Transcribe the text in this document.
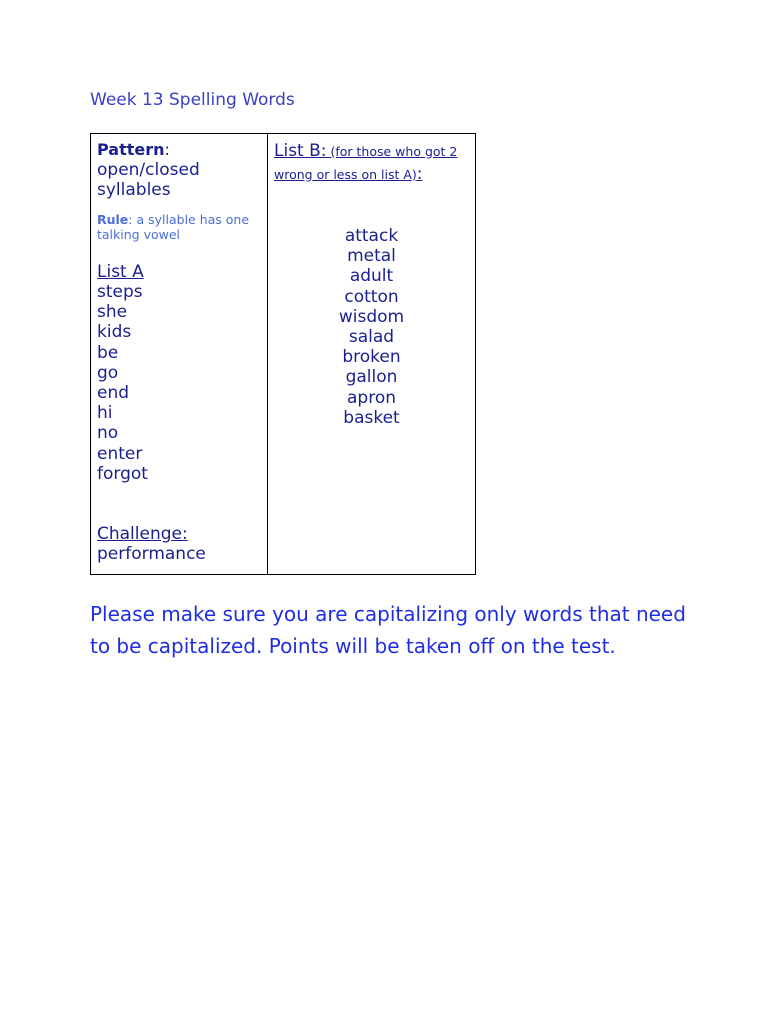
Week 13 Spelling Words
Pattern:
open/closed syllables
Rule: a syllable has one talking vowel
List A
steps
she
kids
be
go
end
hi
no
enter
forgot
Challenge:
performance
List B: (for those who got 2 wrong or less on list A):
attack
metal
adult
cotton
wisdom
salad
broken
gallon
apron
basket
Please make sure you are capitalizing only words that need to be capitalized. Points will be taken off on the test.
